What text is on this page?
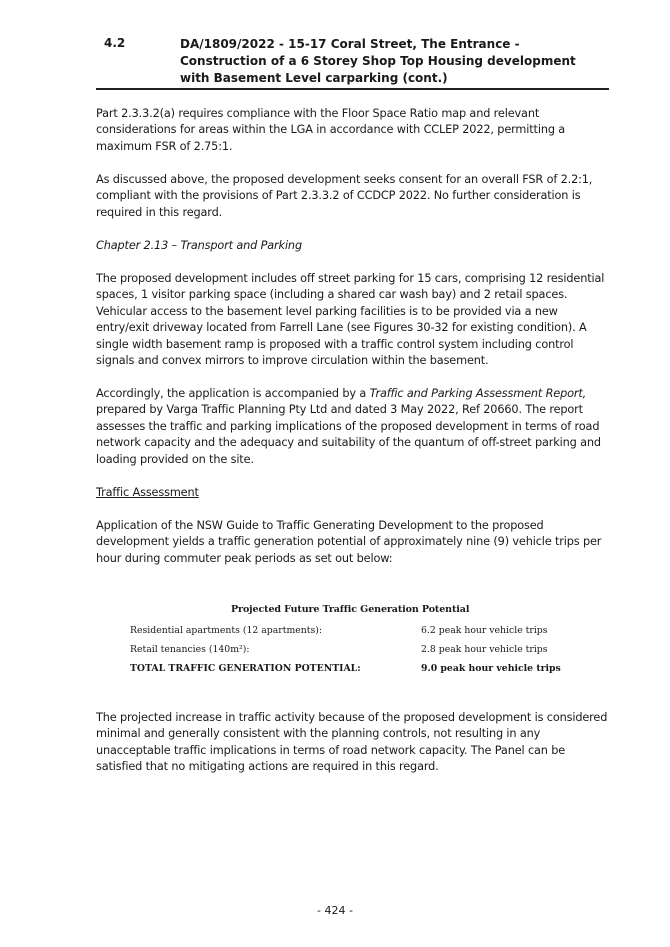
4.2	DA/1809/2022 - 15-17 Coral Street, The Entrance - Construction of a 6 Storey Shop Top Housing development with Basement Level carparking (cont.)

Part 2.3.3.2(a) requires compliance with the Floor Space Ratio map and relevant considerations for areas within the LGA in accordance with CCLEP 2022, permitting a maximum FSR of 2.75:1.

As discussed above, the proposed development seeks consent for an overall FSR of 2.2:1, compliant with the provisions of Part 2.3.3.2 of CCDCP 2022. No further consideration is required in this regard.

Chapter 2.13 – Transport and Parking

The proposed development includes off street parking for 15 cars, comprising 12 residential spaces, 1 visitor parking space (including a shared car wash bay) and 2 retail spaces. Vehicular access to the basement level parking facilities is to be provided via a new entry/exit driveway located from Farrell Lane (see Figures 30-32 for existing condition). A single width basement ramp is proposed with a traffic control system including control signals and convex mirrors to improve circulation within the basement.

Accordingly, the application is accompanied by a Traffic and Parking Assessment Report, prepared by Varga Traffic Planning Pty Ltd and dated 3 May 2022, Ref 20660. The report assesses the traffic and parking implications of the proposed development in terms of road network capacity and the adequacy and suitability of the quantum of off-street parking and loading provided on the site.

Traffic Assessment

Application of the NSW Guide to Traffic Generating Development to the proposed development yields a traffic generation potential of approximately nine (9) vehicle trips per hour during commuter peak periods as set out below:

Projected Future Traffic Generation Potential
Residential apartments (12 apartments):	6.2 peak hour vehicle trips
Retail tenancies (140m²):	2.8 peak hour vehicle trips
TOTAL TRAFFIC GENERATION POTENTIAL:	9.0 peak hour vehicle trips

The projected increase in traffic activity because of the proposed development is considered minimal and generally consistent with the planning controls, not resulting in any unacceptable traffic implications in terms of road network capacity. The Panel can be satisfied that no mitigating actions are required in this regard.

- 424 -
